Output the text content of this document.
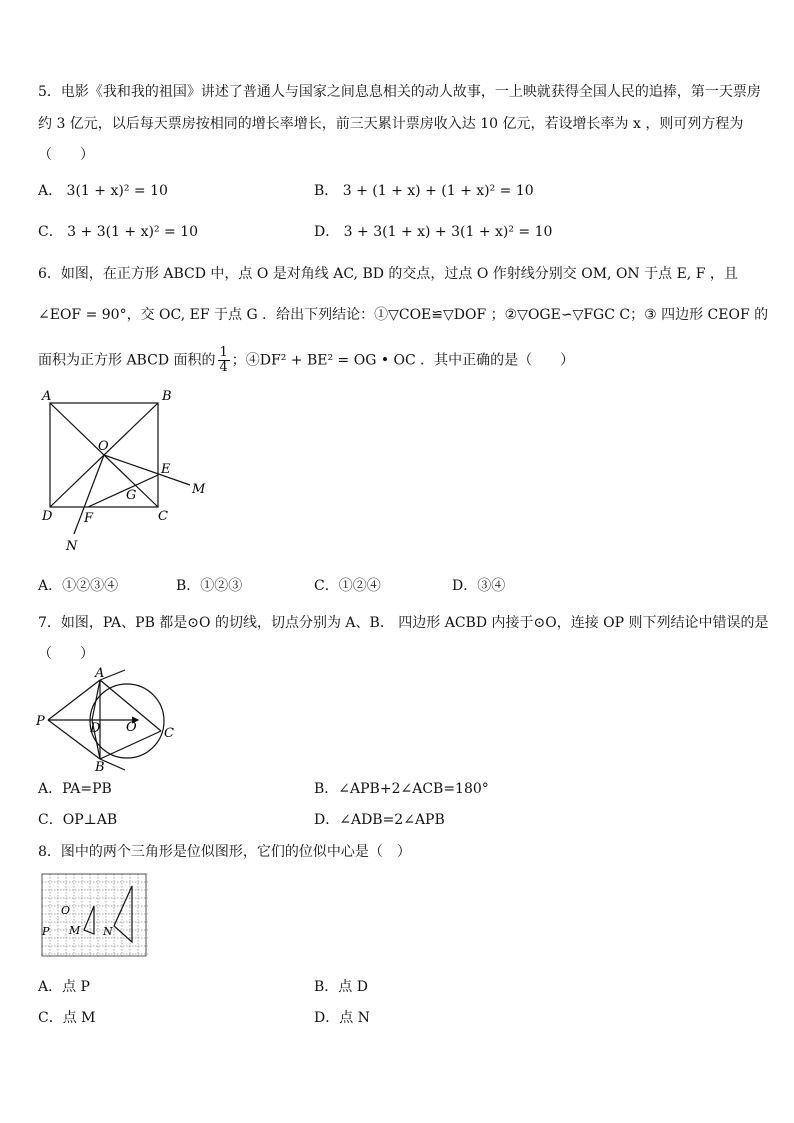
5．电影《我和我的祖国》讲述了普通人与国家之间息息相关的动人故事，一上映就获得全国人民的追捧，第一天票房
约 3 亿元，以后每天票房按相同的增长率增长，前三天累计票房收入达 10 亿元，若设增长率为 x ，则可列方程为
（　　）
A． 3(1 + x)² = 10	B． 3 + (1 + x) + (1 + x)² = 10
C． 3 + 3(1 + x)² = 10	D． 3 + 3(1 + x) + 3(1 + x)² = 10
6．如图，在正方形 ABCD 中，点 O 是对角线 AC, BD 的交点，过点 O 作射线分别交 OM, ON 于点 E, F ，且
∠EOF = 90°，交 OC, EF 于点 G ．给出下列结论：①▽COE≌▽DOF ；②▽OGE∽▽FGC C；③ 四边形 CEOF 的
面积为正方形 ABCD 面积的 $\frac{1}{4}$ ；④DF² + BE² = OG • OC ．其中正确的是（　　）
A	B
D	C
O
E
G
F
M
N
A．①②③④	B．①②③	C．①②④	D．③④
7．如图，PA、PB 都是⊙O 的切线，切点分别为 A、B． 四边形 ACBD 内接于⊙O，连接 OP 则下列结论中错误的是
（　　）
A
B
C
D O
P
A．PA=PB	B．∠APB+2∠ACB=180°
C．OP⊥AB	D．∠ADB=2∠APB
8．图中的两个三角形是位似图形，它们的位似中心是（　）
O
P M N
A．点 P	B．点 D
C．点 M	D．点 N
